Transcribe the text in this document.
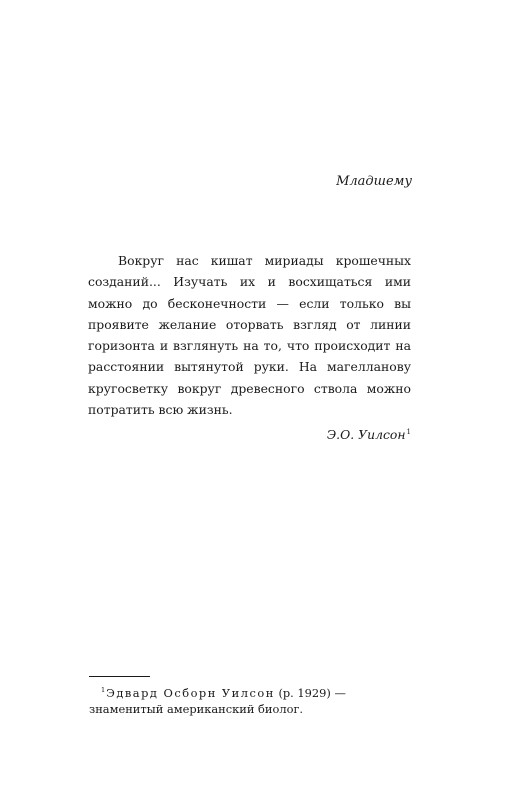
Младшему

Вокруг нас кишат мириады крошечных созданий... Изучать их и восхищаться ими можно до бесконечности — если только вы проявите желание оторвать взгляд от линии горизонта и взглянуть на то, что происходит на расстоянии вытянутой руки. На магелланову кругосветку вокруг древесного ствола можно потратить всю жизнь.

Э.О. Уилсон$^1$

$^1$Эдвард Осборн Уилсон (р. 1929) — знаменитый американский биолог.
